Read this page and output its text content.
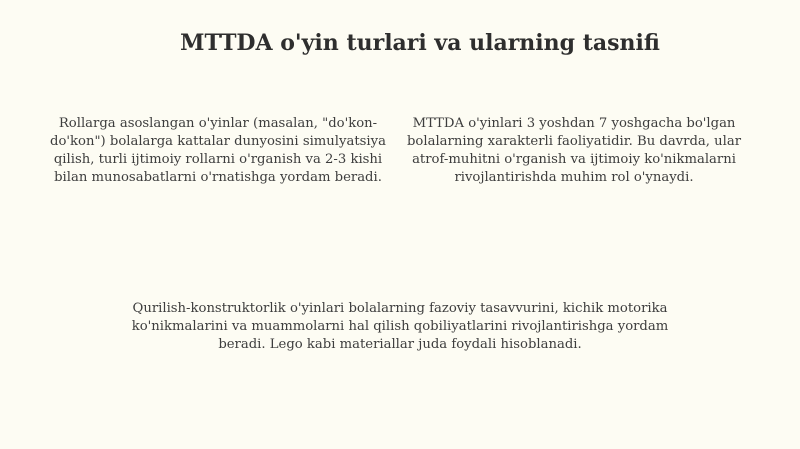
MTTDA o'yin turlari va ularning tasnifi

Rollarga asoslangan o'yinlar (masalan, "do'kon-do'kon") bolalarga kattalar dunyosini simulyatsiya qilish, turli ijtimoiy rollarni o'rganish va 2-3 kishi bilan munosabatlarni o'rnatishga yordam beradi.

MTTDA o'yinlari 3 yoshdan 7 yoshgacha bo'lgan bolalarning xarakterli faoliyatidir. Bu davrda, ular atrof-muhitni o'rganish va ijtimoiy ko'nikmalarni rivojlantirishda muhim rol o'ynaydi.

Qurilish-konstruktorlik o'yinlari bolalarning fazoviy tasavvurini, kichik motorika ko'nikmalarini va muammolarni hal qilish qobiliyatlarini rivojlantirishga yordam beradi. Lego kabi materiallar juda foydali hisoblanadi.
